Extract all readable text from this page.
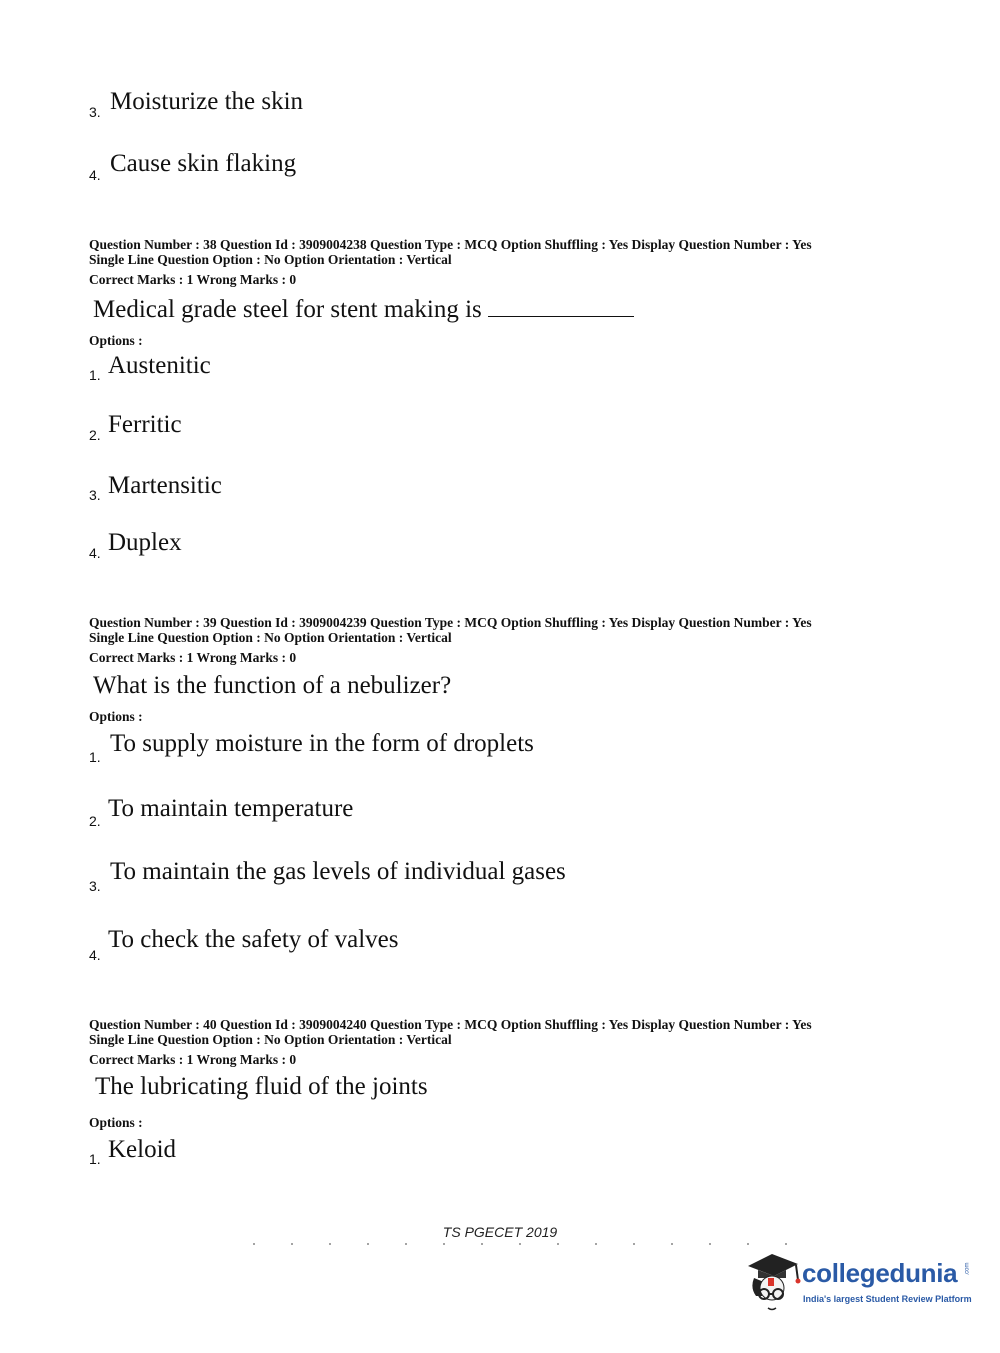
3. Moisturize the skin
4. Cause skin flaking
Question Number : 38 Question Id : 3909004238 Question Type : MCQ Option Shuffling : Yes Display Question Number : Yes
Single Line Question Option : No Option Orientation : Vertical
Correct Marks : 1 Wrong Marks : 0
Medical grade steel for stent making is
Options :
1. Austenitic
2. Ferritic
3. Martensitic
4. Duplex
Question Number : 39 Question Id : 3909004239 Question Type : MCQ Option Shuffling : Yes Display Question Number : Yes
Single Line Question Option : No Option Orientation : Vertical
Correct Marks : 1 Wrong Marks : 0
What is the function of a nebulizer?
Options :
1. To supply moisture in the form of droplets
2. To maintain temperature
3.
To maintain the gas levels of individual gases
4.
To check the safety of valves
Question Number : 40 Question Id : 3909004240 Question Type : MCQ Option Shuffling : Yes Display Question Number : Yes
Single Line Question Option : No Option Orientation : Vertical
Correct Marks : 1 Wrong Marks : 0
The lubricating fluid of the joints
Options :
1. Keloid
TS PGECET 2019
collegedunia .com
India's largest Student Review Platform
